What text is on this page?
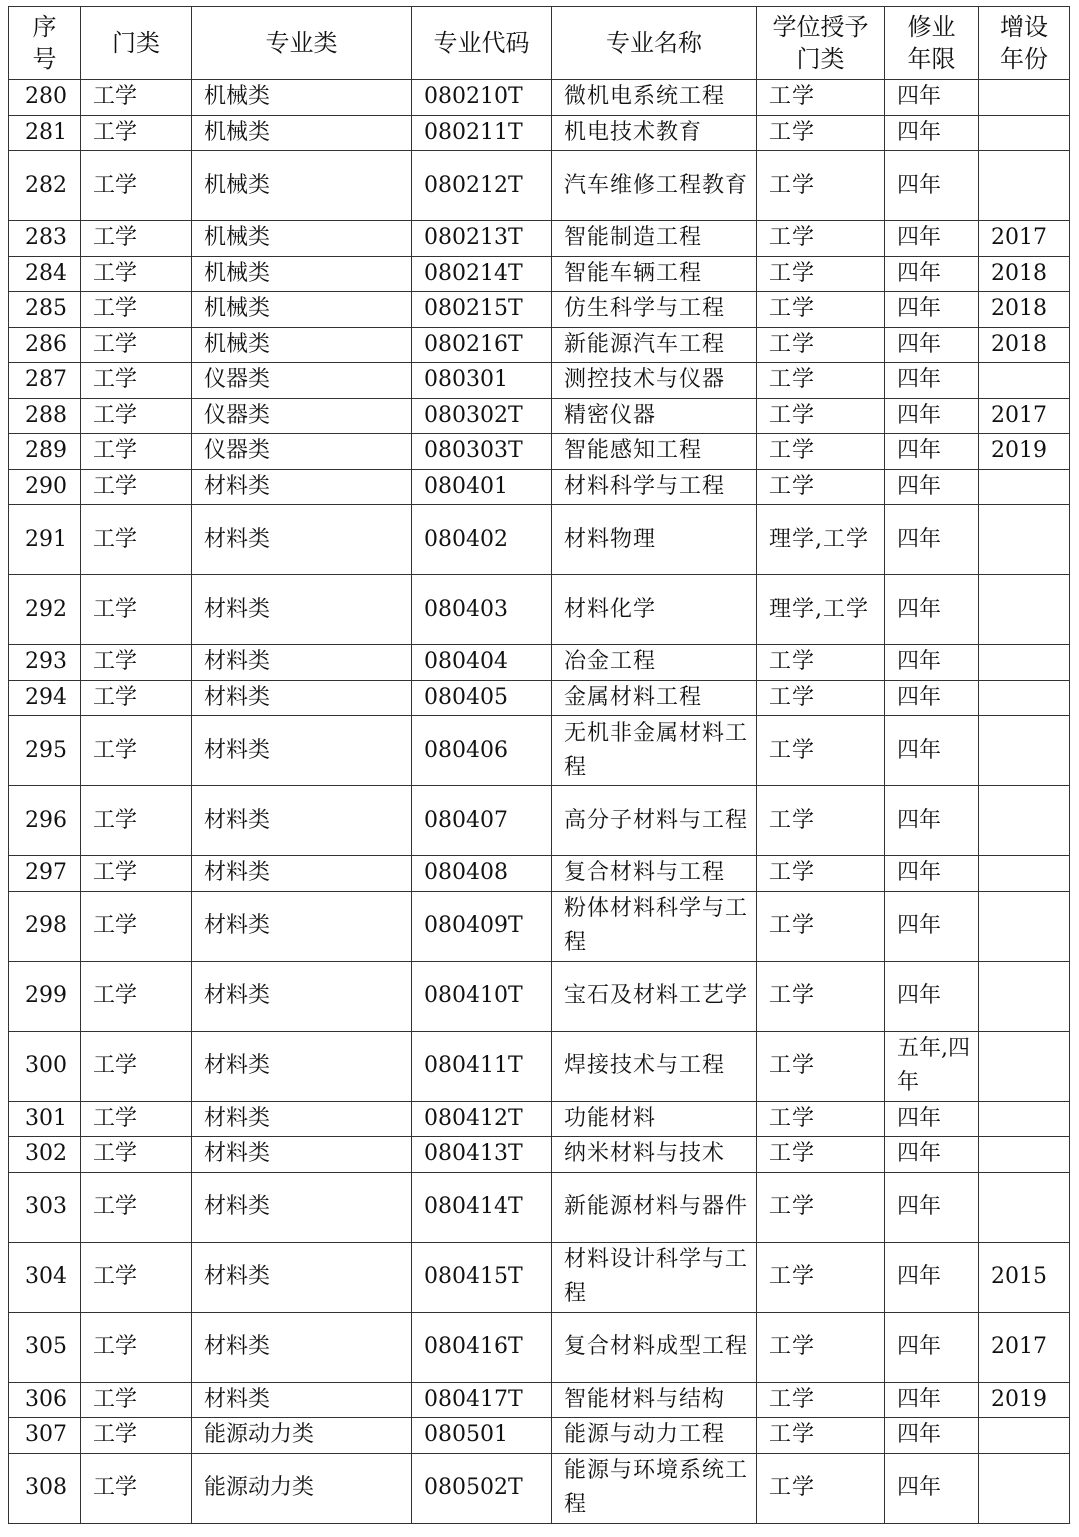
序号	门类	专业类	专业代码	专业名称	学位授予门类	修业年限	增设年份
280	工学	机械类	080210T	微机电系统工程	工学	四年	
281	工学	机械类	080211T	机电技术教育	工学	四年	
282	工学	机械类	080212T	汽车维修工程教育	工学	四年	
283	工学	机械类	080213T	智能制造工程	工学	四年	2017
284	工学	机械类	080214T	智能车辆工程	工学	四年	2018
285	工学	机械类	080215T	仿生科学与工程	工学	四年	2018
286	工学	机械类	080216T	新能源汽车工程	工学	四年	2018
287	工学	仪器类	080301	测控技术与仪器	工学	四年	
288	工学	仪器类	080302T	精密仪器	工学	四年	2017
289	工学	仪器类	080303T	智能感知工程	工学	四年	2019
290	工学	材料类	080401	材料科学与工程	工学	四年	
291	工学	材料类	080402	材料物理	理学,工学	四年	
292	工学	材料类	080403	材料化学	理学,工学	四年	
293	工学	材料类	080404	冶金工程	工学	四年	
294	工学	材料类	080405	金属材料工程	工学	四年	
295	工学	材料类	080406	无机非金属材料工程	工学	四年	
296	工学	材料类	080407	高分子材料与工程	工学	四年	
297	工学	材料类	080408	复合材料与工程	工学	四年	
298	工学	材料类	080409T	粉体材料科学与工程	工学	四年	
299	工学	材料类	080410T	宝石及材料工艺学	工学	四年	
300	工学	材料类	080411T	焊接技术与工程	工学	五年,四年	
301	工学	材料类	080412T	功能材料	工学	四年	
302	工学	材料类	080413T	纳米材料与技术	工学	四年	
303	工学	材料类	080414T	新能源材料与器件	工学	四年	
304	工学	材料类	080415T	材料设计科学与工程	工学	四年	2015
305	工学	材料类	080416T	复合材料成型工程	工学	四年	2017
306	工学	材料类	080417T	智能材料与结构	工学	四年	2019
307	工学	能源动力类	080501	能源与动力工程	工学	四年	
308	工学	能源动力类	080502T	能源与环境系统工程	工学	四年	
